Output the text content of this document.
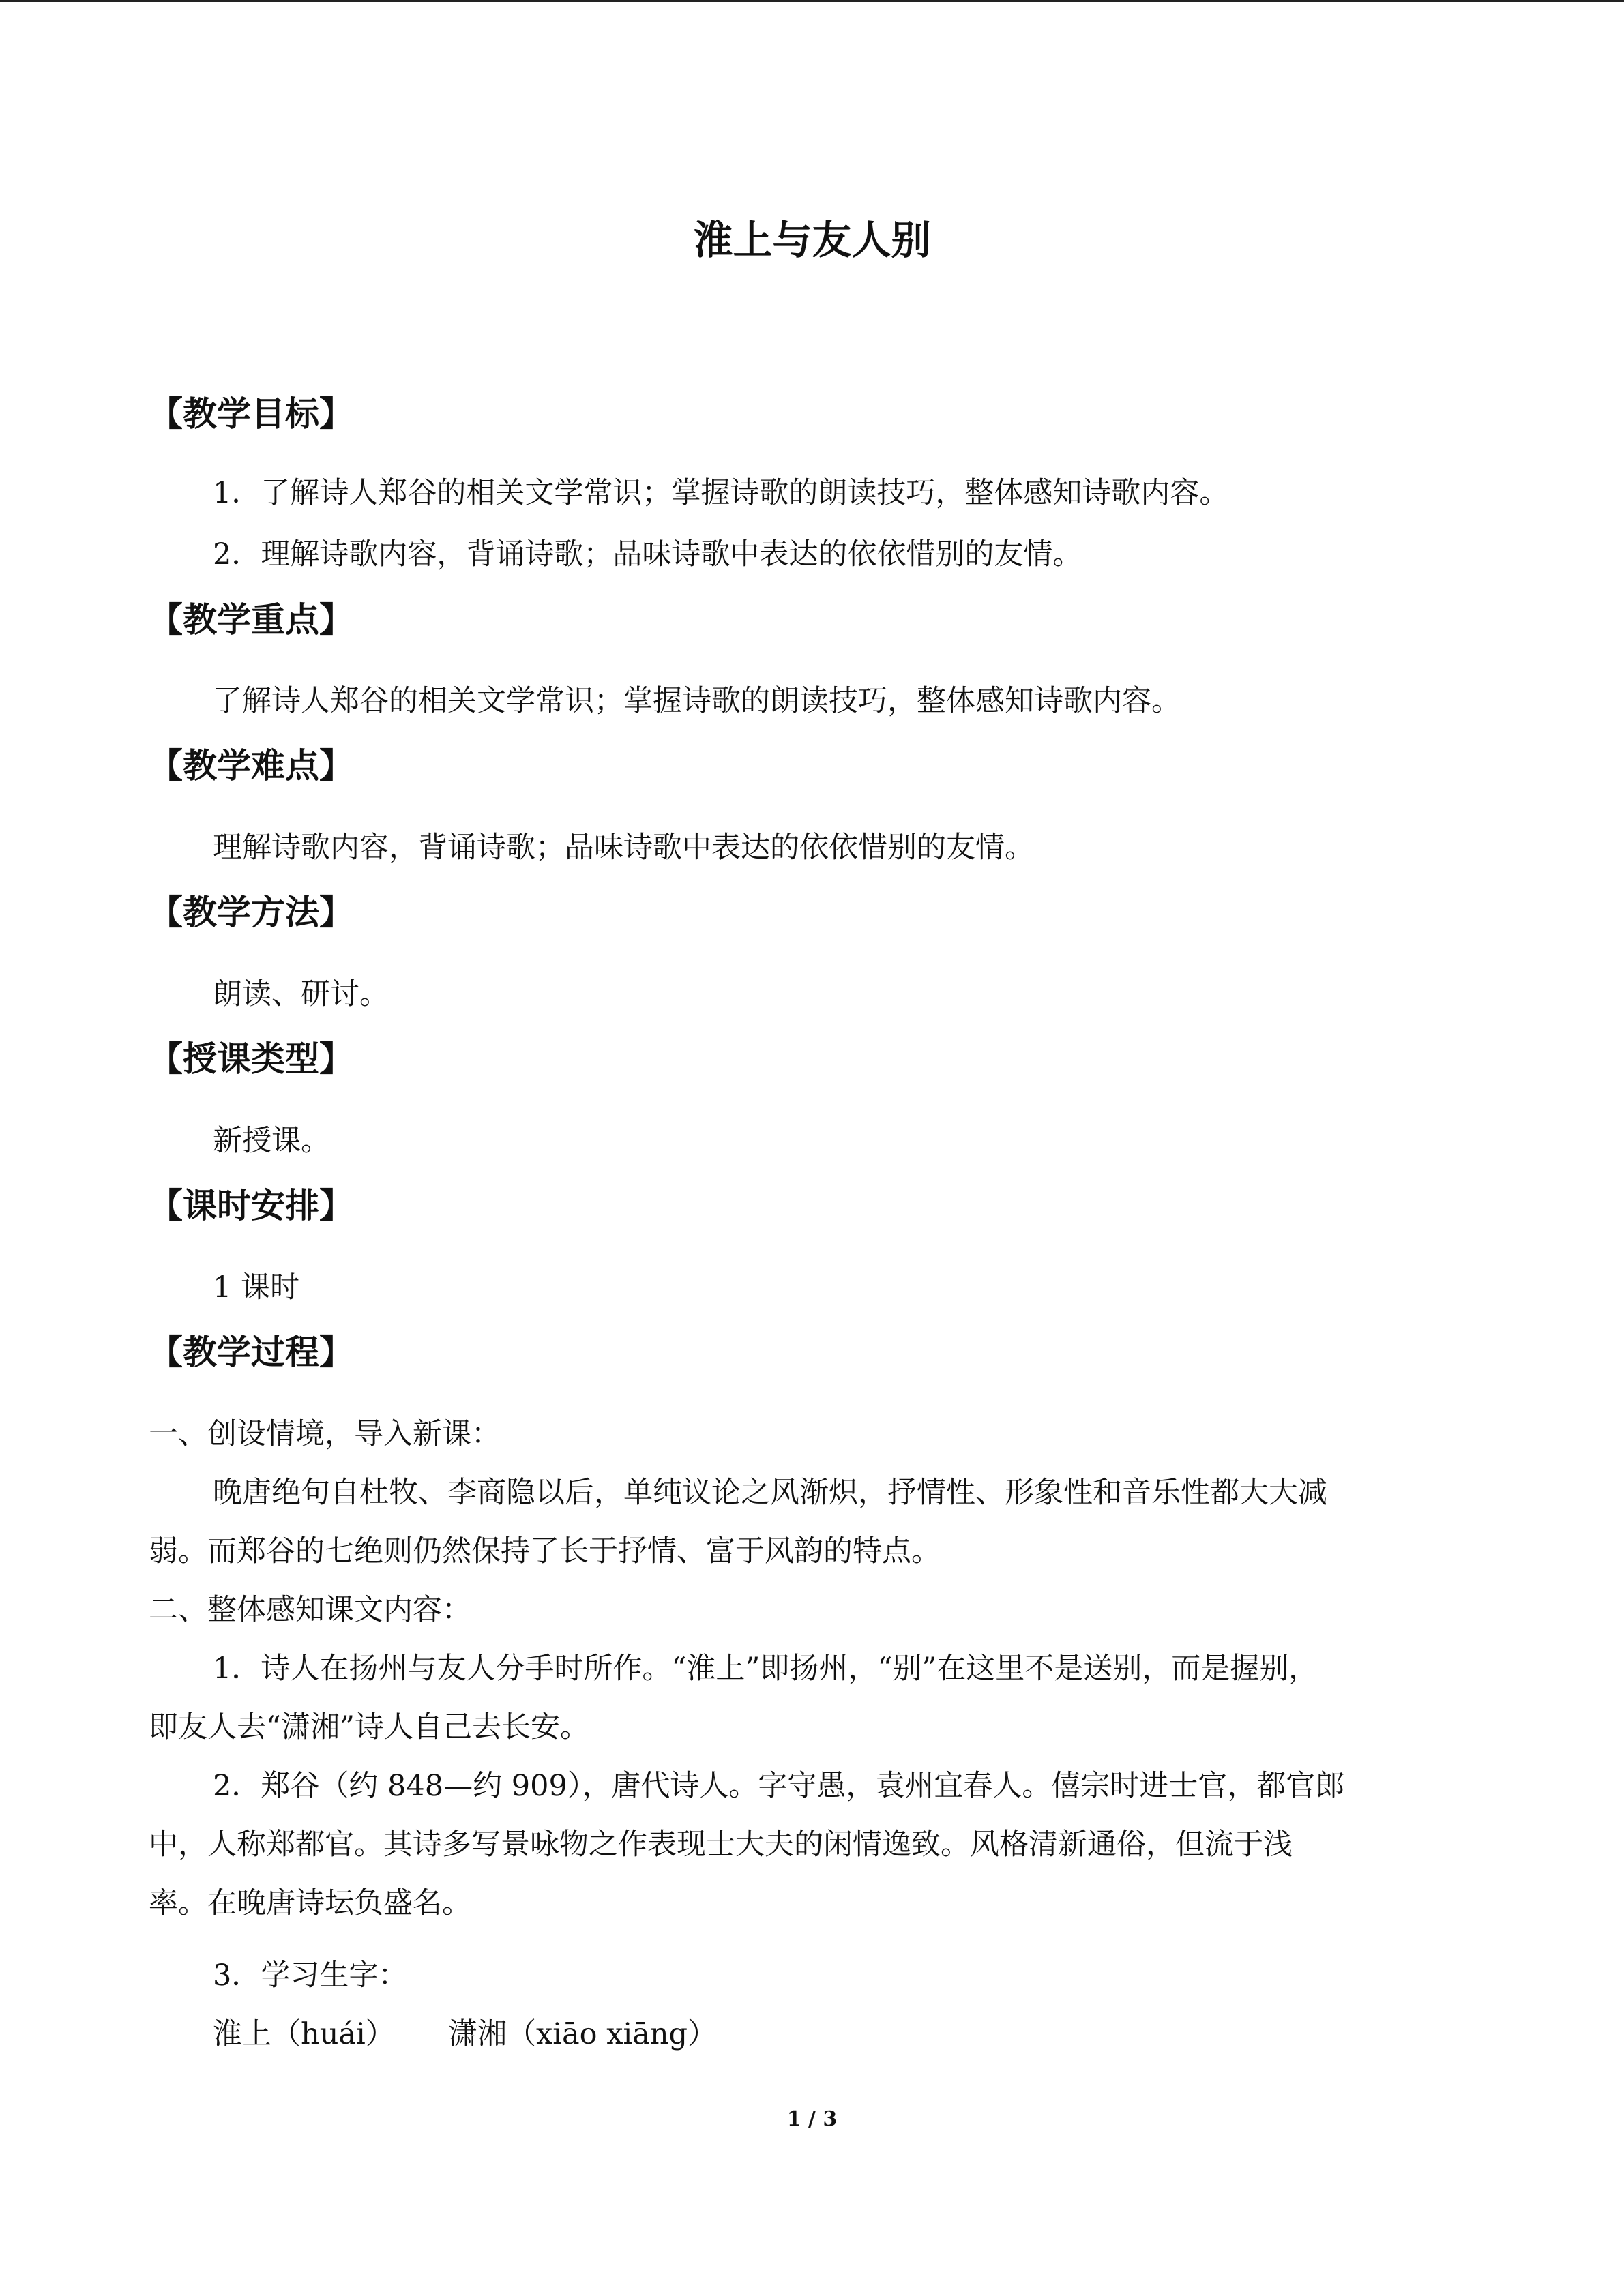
淮上与友人别
【教学目标】
1．了解诗人郑谷的相关文学常识；掌握诗歌的朗读技巧，整体感知诗歌内容。
2．理解诗歌内容，背诵诗歌；品味诗歌中表达的依依惜别的友情。
【教学重点】
了解诗人郑谷的相关文学常识；掌握诗歌的朗读技巧，整体感知诗歌内容。
【教学难点】
理解诗歌内容，背诵诗歌；品味诗歌中表达的依依惜别的友情。
【教学方法】
朗读、研讨。
【授课类型】
新授课。
【课时安排】
1 课时
【教学过程】
一、创设情境，导入新课：
晚唐绝句自杜牧、李商隐以后，单纯议论之风渐炽，抒情性、形象性和音乐性都大大减
弱。而郑谷的七绝则仍然保持了长于抒情、富于风韵的特点。
二、整体感知课文内容：
1．诗人在扬州与友人分手时所作。“淮上”即扬州，“别”在这里不是送别，而是握别，
即友人去“潇湘”诗人自己去长安。
2．郑谷（约 848—约 909），唐代诗人。字守愚，袁州宜春人。僖宗时进士官，都官郎
中，人称郑都官。其诗多写景咏物之作表现士大夫的闲情逸致。风格清新通俗，但流于浅
率。在晚唐诗坛负盛名。
3．学习生字：
淮上（huái） 潇湘（xiāo xiāng）
1 / 3
